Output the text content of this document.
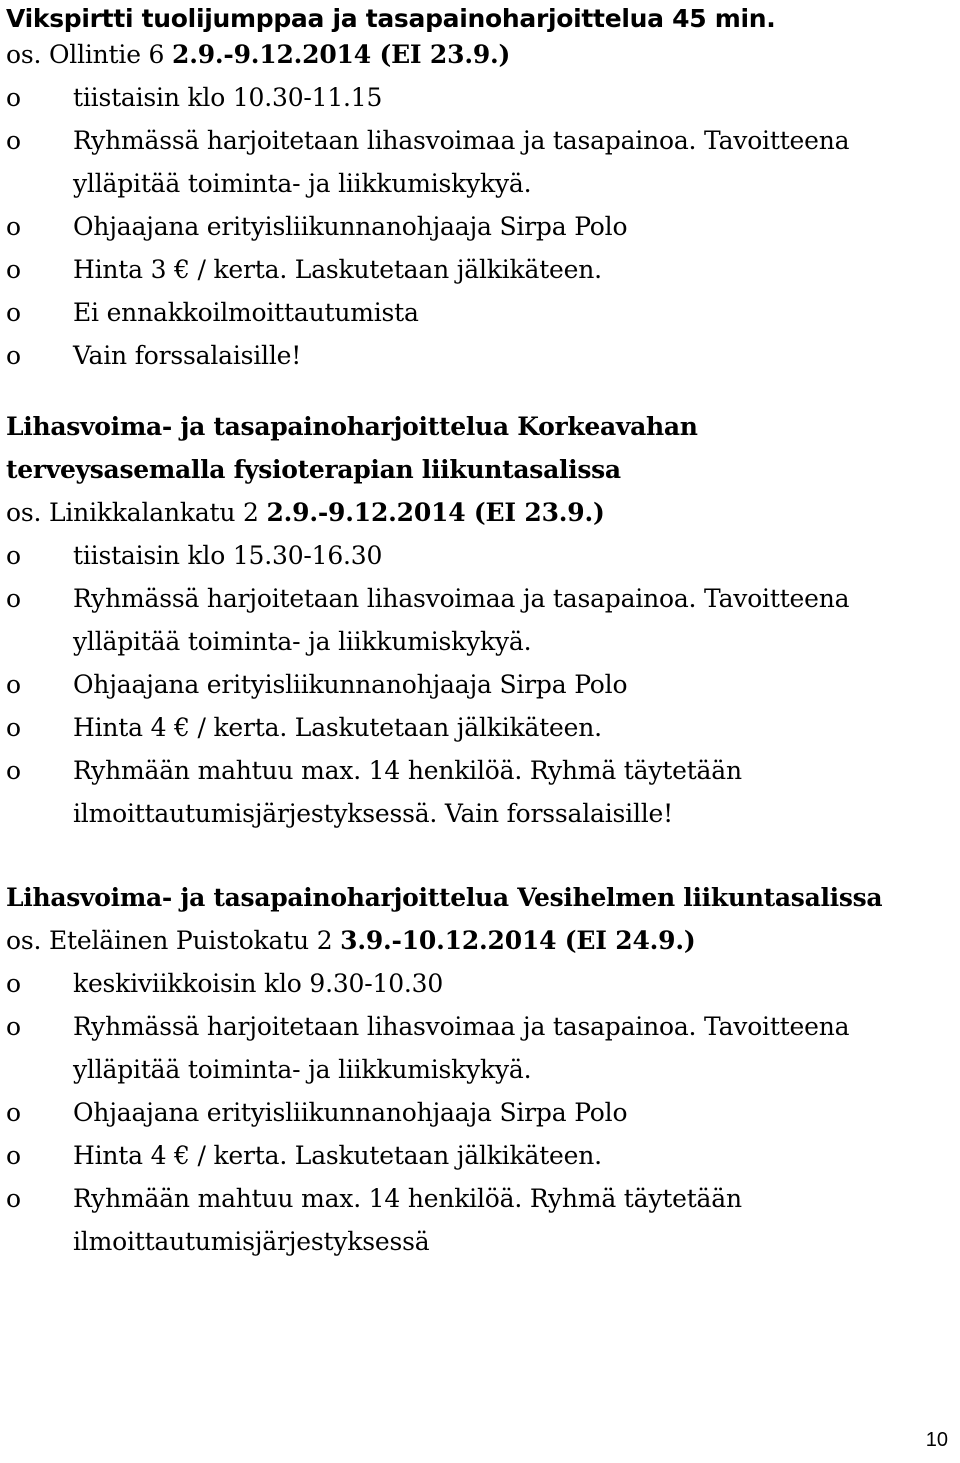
Vikspirtti tuolijumppaa ja tasapainoharjoittelua 45 min.
os. Ollintie 6 2.9.-9.12.2014 (EI 23.9.)
o	tiistaisin klo 10.30-11.15
o	Ryhmässä harjoitetaan lihasvoimaa ja tasapainoa. Tavoitteena
ylläpitää toiminta- ja liikkumiskykyä.
o	Ohjaajana erityisliikunnanohjaaja Sirpa Polo
o	Hinta 3 € / kerta. Laskutetaan jälkikäteen.
o	Ei ennakkoilmoittautumista
o	Vain forssalaisille!
Lihasvoima- ja tasapainoharjoittelua Korkeavahan
terveysasemalla fysioterapian liikuntasalissa
os. Linikkalankatu 2 2.9.-9.12.2014 (EI 23.9.)
o	tiistaisin klo 15.30-16.30
o	Ryhmässä harjoitetaan lihasvoimaa ja tasapainoa. Tavoitteena
ylläpitää toiminta- ja liikkumiskykyä.
o	Ohjaajana erityisliikunnanohjaaja Sirpa Polo
o	Hinta 4 € / kerta. Laskutetaan jälkikäteen.
o	Ryhmään mahtuu max. 14 henkilöä. Ryhmä täytetään
ilmoittautumisjärjestyksessä. Vain forssalaisille!
Lihasvoima- ja tasapainoharjoittelua Vesihelmen liikuntasalissa
os. Eteläinen Puistokatu 2 3.9.-10.12.2014 (EI 24.9.)
o	keskiviikkoisin klo 9.30-10.30
o	Ryhmässä harjoitetaan lihasvoimaa ja tasapainoa. Tavoitteena
ylläpitää toiminta- ja liikkumiskykyä.
o	Ohjaajana erityisliikunnanohjaaja Sirpa Polo
o	Hinta 4 € / kerta. Laskutetaan jälkikäteen.
o	Ryhmään mahtuu max. 14 henkilöä. Ryhmä täytetään
ilmoittautumisjärjestyksessä
10
